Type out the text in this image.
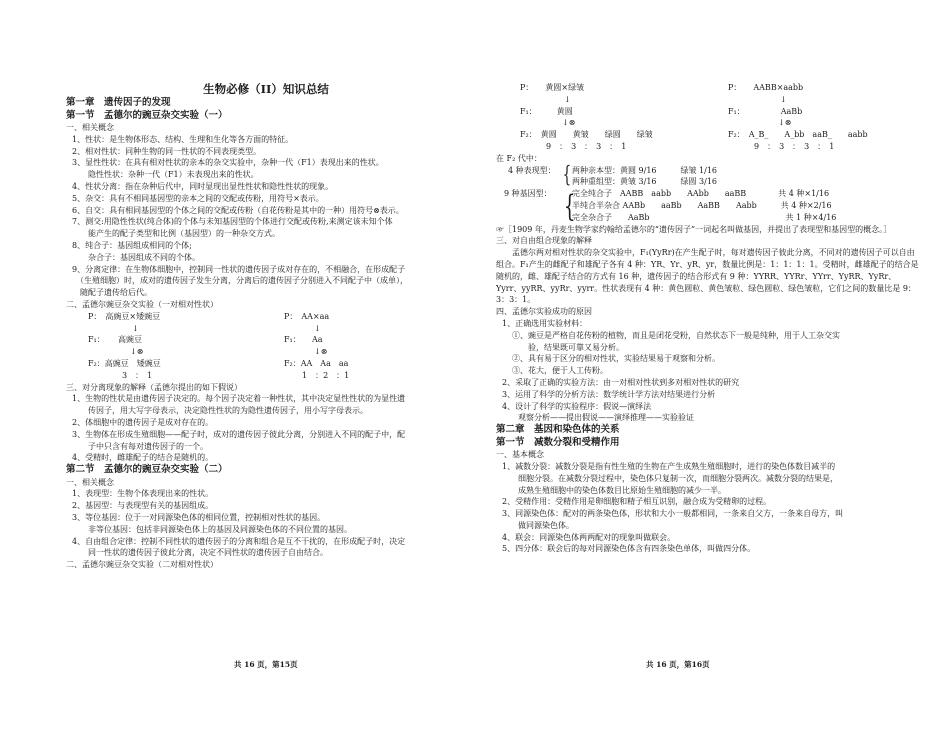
生物必修（II）知识总结
第一章　遗传因子的发现
第一节　孟德尔的豌豆杂交实验（一）
一、相关概念
1、性状：是生物体形态、结构、生理和生化等各方面的特征。
2、相对性状：同种生物的同一性状的不同表现类型。
3、显性性状：在具有相对性状的亲本的杂交实验中，杂种一代（F1）表现出来的性状。
　　隐性性状：杂种一代（F1）未表现出来的性状。
4、性状分离：指在杂种后代中，同时显现出显性性状和隐性性状的现象。
5、杂交：具有不相同基因型的亲本之间的交配或传粉，用符号×表示。
6、自交：具有相同基因型的个体之间的交配或传粉（自花传粉是其中的一种）用符号⊗表示。
7、测交:用隐性性状(纯合体)的个体与未知基因型的个体进行交配或传粉,来测定该未知个体
　　能产生的配子类型和比例（基因型）的一种杂交方式。
8、纯合子：基因组成相同的个体;
　　杂合子：基因组成不同的个体。
9、分离定律：在生物体细胞中，控制同一性状的遗传因子成对存在的，不相融合，在形成配子
　（生殖细胞）时，成对的遗传因子发生分离，分离后的遗传因子分别进入不同配子中（成单），
　随配子遗传给后代。
二、孟德尔豌豆杂交实验（一对相对性状）
P：　高豌豆×矮豌豆	P：　AA×aa
↓	↓
F₁： 高豌豆	F₁： Aa
↓⊗	↓⊗
F₂：高豌豆　矮豌豆	F₂：AA　Aa　aa
3　：　1	1　：2　：1
三、对分离现象的解释（孟德尔提出的如下假说）
1、生物的性状是由遗传因子决定的。每个因子决定着一种性状，其中决定显性性状的为显性遗
　　传因子，用大写字母表示，决定隐性性状的为隐性遗传因子，用小写字母表示。
2、体细胞中的遗传因子是成对存在的。
3、生物体在形成生殖细胞——配子时，成对的遗传因子彼此分离，分别进入不同的配子中，配
　　子中只含有每对遗传因子的一个。
4、受精时，雌雄配子的结合是随机的。
第二节　孟德尔的豌豆杂交实验（二）
一、相关概念
1、表现型：生物个体表现出来的性状。
2、基因型：与表现型有关的基因组成。
3、等位基因：位于一对同源染色体的相同位置，控制相对性状的基因。
　　非等位基因：包括非同源染色体上的基因及同源染色体的不同位置的基因。
4、自由组合定律：控制不同性状的遗传因子的分离和组合是互不干扰的，在形成配子时，决定
　　同一性状的遗传因子彼此分离，决定不同性状的遗传因子自由结合。
二、孟德尔豌豆杂交实验（二对相对性状）
共 16 页，第15页
P：　　黄圆×绿皱	P：　　AABB×aabb
↓	↓
F₁：　　　黄圆	F₁：　　　　　AaBb
↓⊗	↓⊗
F₂：　黄圆　　黄皱　　绿圆　　绿皱	F₂：　A_B_　　A_bb　aaB_　　aabb
9　：　3　：　3　：　1	9　：　3　：　3　：　1
在 F₂ 代中：
4 种表现型： { 两种亲本型：黄圆 9/16　　　绿皱 1/16
两种重组型：黄皱 3/16　　　绿圆 3/16
9 种基因型： {
完全纯合子　AABB　aabb　　AAbb　　aaBB　　　　共 4 种×1/16
半纯合半杂合 AABb　　aaBb　　AaBB　　Aabb　　　共 4 种×2/16
完全杂合子　　AaBb　　　　　　　　　　　　　　　　　共 1 种×4/16
☞［1909 年，丹麦生物学家约翰给孟德尔的“遗传因子”一词起名叫做基因，并提出了表现型和基因型的概念。］
三、对自由组合现象的解释
孟德尔两对相对性状的杂交实验中，F₁(YyRr)在产生配子时，每对遗传因子彼此分离，不同对的遗传因子可以自由组合。F₁产生的雌配子和雄配子各有 4 种：YR、Yr、yR、yr，数量比例是：1：1：1：1。受精时，雌雄配子的结合是随机的，雌、雄配子结合的方式有 16 种，遗传因子的结合形式有 9 种：YYRR、YYRr、YYrr、YyRR、YyRr、Yyrr、yyRR、yyRr、yyrr。性状表现有 4 种：黄色圆粒、黄色皱粒、绿色圆粒、绿色皱粒，它们之间的数量比是 9：3：3：1。
四、孟德尔实验成功的原因
1、正确选用实验材料：
①、豌豆是严格自花传粉的植物，而且是闭花受粉，自然状态下一般是纯种，用于人工杂交实
　　验，结果既可靠又易分析。
②、具有易于区分的相对性状，实验结果易于观察和分析。
③、花大，便于人工传粉。
2、采取了正确的实验方法：由一对相对性状到多对相对性状的研究
3、运用了科学的分析方法：数学统计学方法对结果进行分析
4、设计了科学的实验程序：假说—演绎法
　　观察分析——提出假说——演绎推理——实验验证
第二章　基因和染色体的关系
第一节　减数分裂和受精作用
一、基本概念
1、减数分裂：减数分裂是指有性生殖的生物在产生成熟生殖细胞时，进行的染色体数目减半的
　　细胞分裂。在减数分裂过程中，染色体只复制一次，而细胞分裂两次。减数分裂的结果是，
　　成熟生殖细胞中的染色体数目比原始生殖细胞的减少一半。
2、受精作用：受精作用是卵细胞和精子相互识别，融合成为受精卵的过程。
3、同源染色体：配对的两条染色体，形状和大小一般都相同，一条来自父方，一条来自母方，叫
　　做同源染色体。
4、联会：同源染色体两两配对的现象叫做联会。
5、四分体：联会后的每对同源染色体含有四条染色单体，叫做四分体。
共 16 页，第16页
